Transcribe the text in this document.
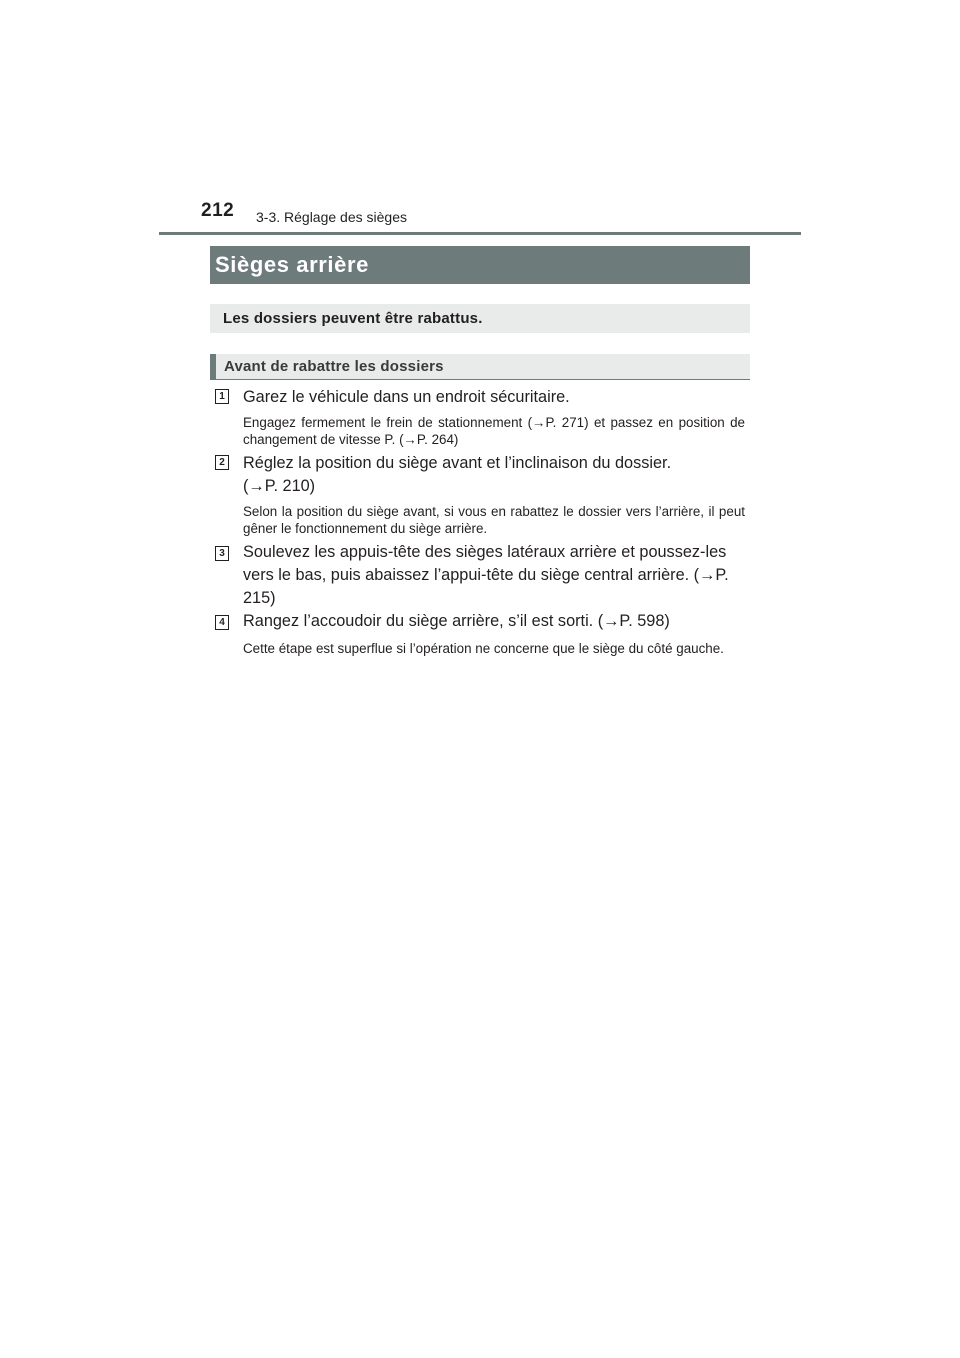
212 3-3. Réglage des sièges
Sièges arrière
Les dossiers peuvent être rabattus.
Avant de rabattre les dossiers
1 Garez le véhicule dans un endroit sécuritaire.
Engagez fermement le frein de stationnement (→P. 271) et passez en position de changement de vitesse P. (→P. 264)
2 Réglez la position du siège avant et l’inclinaison du dossier. (→P. 210)
Selon la position du siège avant, si vous en rabattez le dossier vers l’arrière, il peut gêner le fonctionnement du siège arrière.
3 Soulevez les appuis-tête des sièges latéraux arrière et poussez-les vers le bas, puis abaissez l’appui-tête du siège central arrière. (→P. 215)
4 Rangez l’accoudoir du siège arrière, s’il est sorti. (→P. 598)
Cette étape est superflue si l’opération ne concerne que le siège du côté gauche.
